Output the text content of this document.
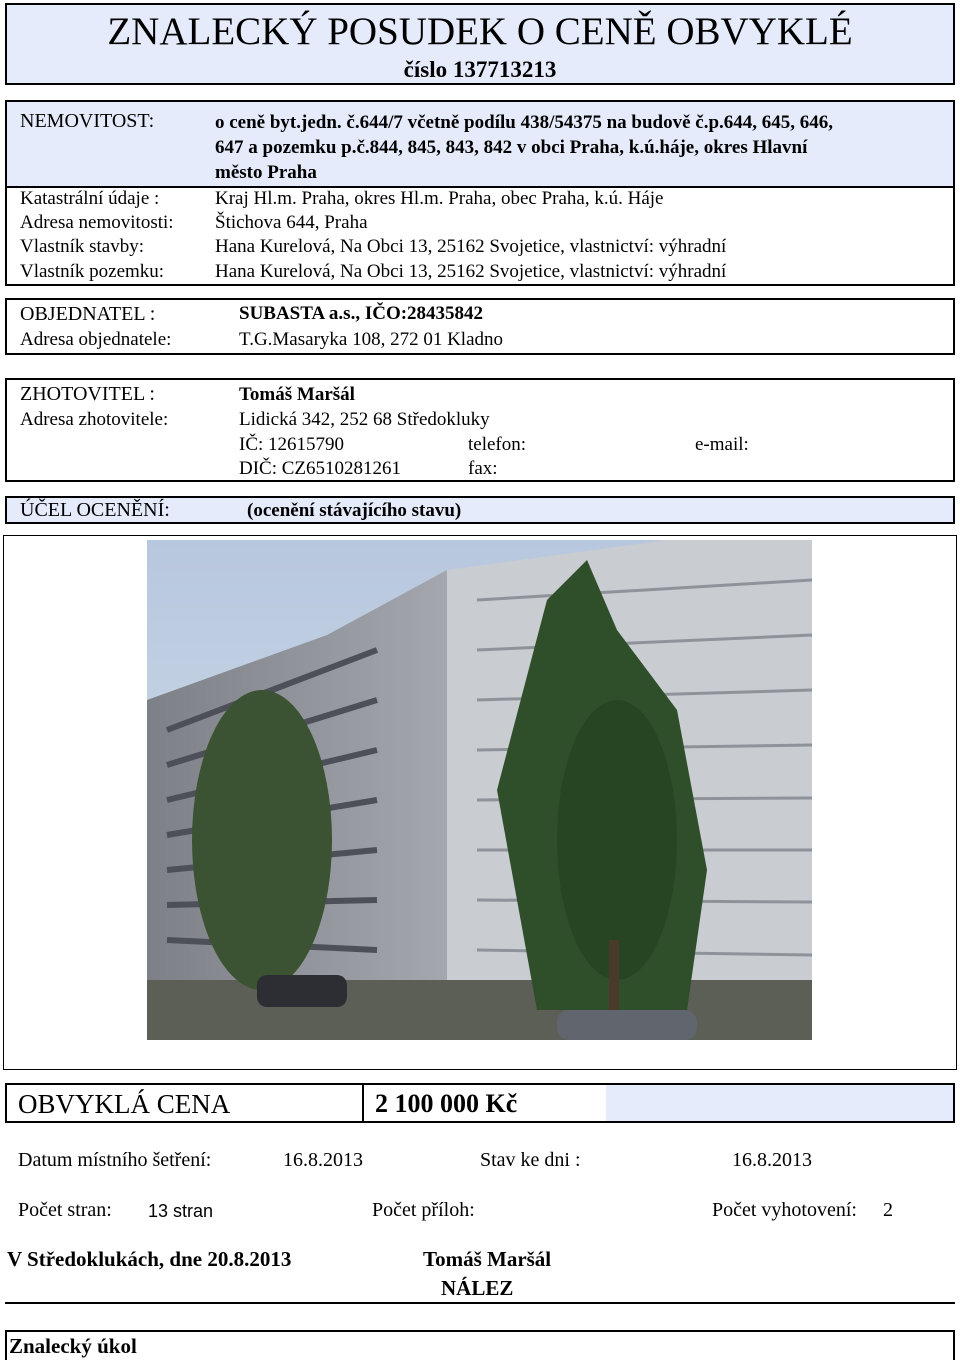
ZNALECKÝ POSUDEK O CENĚ OBVYKLÉ
číslo 137713213
NEMOVITOST:	o ceně byt.jedn. č.644/7 včetně podílu 438/54375 na budově č.p.644, 645, 646,
647 a pozemku p.č.844, 845, 843, 842 v obci Praha, k.ú.háje, okres Hlavní
město Praha
Katastrální údaje :	Kraj Hl.m. Praha, okres Hl.m. Praha, obec Praha, k.ú. Háje
Adresa nemovitosti: Štichova 644, Praha
Vlastník stavby:	Hana Kurelová, Na Obci 13, 25162 Svojetice, vlastnictví: výhradní
Vlastník pozemku:	Hana Kurelová, Na Obci 13, 25162 Svojetice, vlastnictví: výhradní
OBJEDNATEL :	SUBASTA a.s., IČO:28435842
Adresa objednatele:	T.G.Masaryka 108, 272 01 Kladno
ZHOTOVITEL :	Tomáš Maršál
Adresa zhotovitele:	Lidická 342, 252 68 Středokluky
IČ: 12615790	telefon:	e-mail:
DIČ: CZ6510281261	fax:
ÚČEL OCENĚNÍ:	(ocenění stávajícího stavu)
OBVYKLÁ CENA	2 100 000 Kč
Datum místního šetření:	16.8.2013	Stav ke dni :	16.8.2013
Počet stran: 13 stran	Počet příloh:	Počet vyhotovení: 2
V Středoklukách, dne 20.8.2013	Tomáš Maršál
NÁLEZ
Znalecký úkol
